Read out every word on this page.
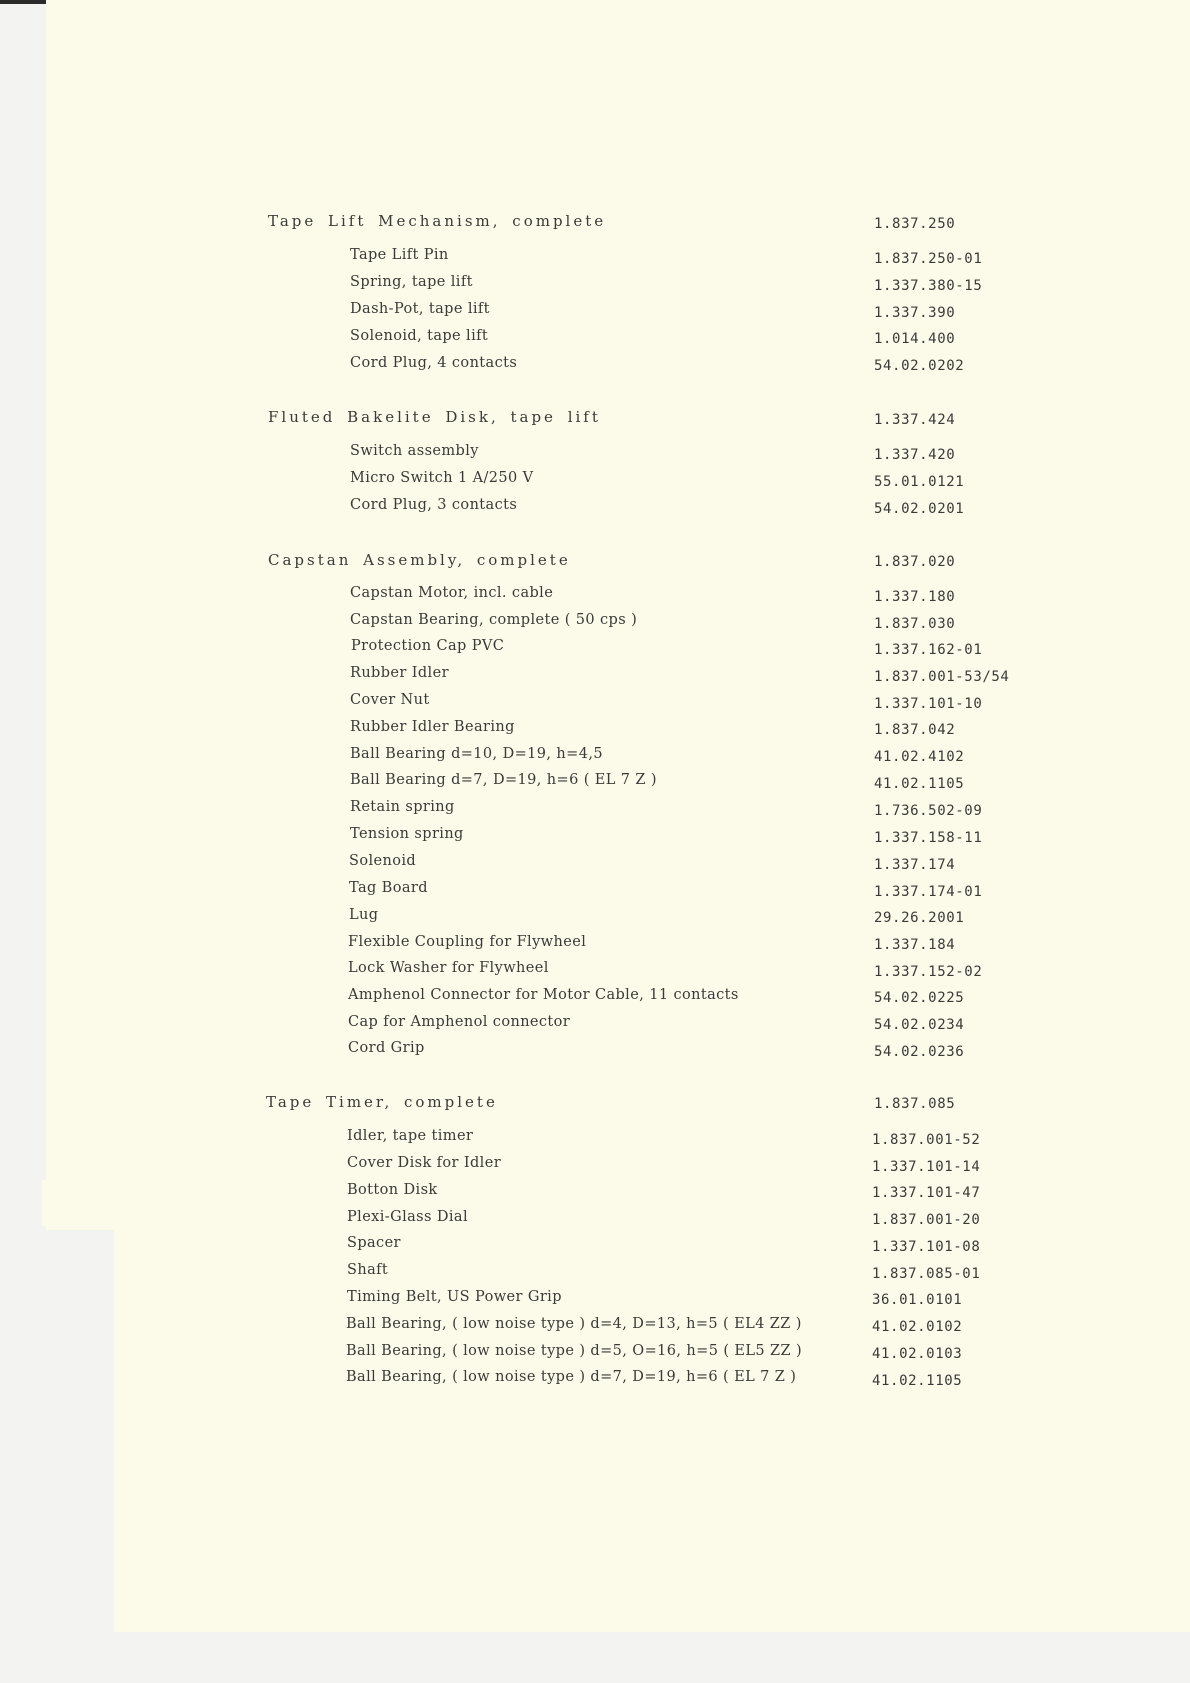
Tape Lift Mechanism, complete	1.837.250
Tape Lift Pin	1.837.250-01
Spring, tape lift	1.337.380-15
Dash-Pot, tape lift	1.337.390
Solenoid, tape lift	1.014.400
Cord Plug, 4 contacts	54.02.0202
Fluted Bakelite Disk, tape lift	1.337.424
Switch assembly	1.337.420
Micro Switch 1 A/250 V	55.01.0121
Cord Plug, 3 contacts	54.02.0201
Capstan Assembly, complete	1.837.020
Capstan Motor, incl. cable	1.337.180
Capstan Bearing, complete ( 50 cps )	1.837.030
Protection Cap PVC	1.337.162-01
Rubber Idler	1.837.001-53/54
Cover Nut	1.337.101-10
Rubber Idler Bearing	1.837.042
Ball Bearing d=10, D=19, h=4,5	41.02.4102
Ball Bearing d=7, D=19, h=6 ( EL 7 Z )	41.02.1105
Retain spring	1.736.502-09
Tension spring	1.337.158-11
Solenoid	1.337.174
Tag Board	1.337.174-01
Lug	29.26.2001
Flexible Coupling for Flywheel	1.337.184
Lock Washer for Flywheel	1.337.152-02
Amphenol Connector for Motor Cable, 11 contacts	54.02.0225
Cap for Amphenol connector	54.02.0234
Cord Grip	54.02.0236
Tape Timer, complete	1.837.085
Idler, tape timer	1.837.001-52
Cover Disk for Idler	1.337.101-14
Botton Disk	1.337.101-47
Plexi-Glass Dial	1.837.001-20
Spacer	1.337.101-08
Shaft	1.837.085-01
Timing Belt, US Power Grip	36.01.0101
Ball Bearing, ( low noise type ) d=4, D=13, h=5 ( EL4 ZZ )	41.02.0102
Ball Bearing, ( low noise type ) d=5, O=16, h=5 ( EL5 ZZ )	41.02.0103
Ball Bearing, ( low noise type ) d=7, D=19, h=6 ( EL 7 Z )	41.02.1105
